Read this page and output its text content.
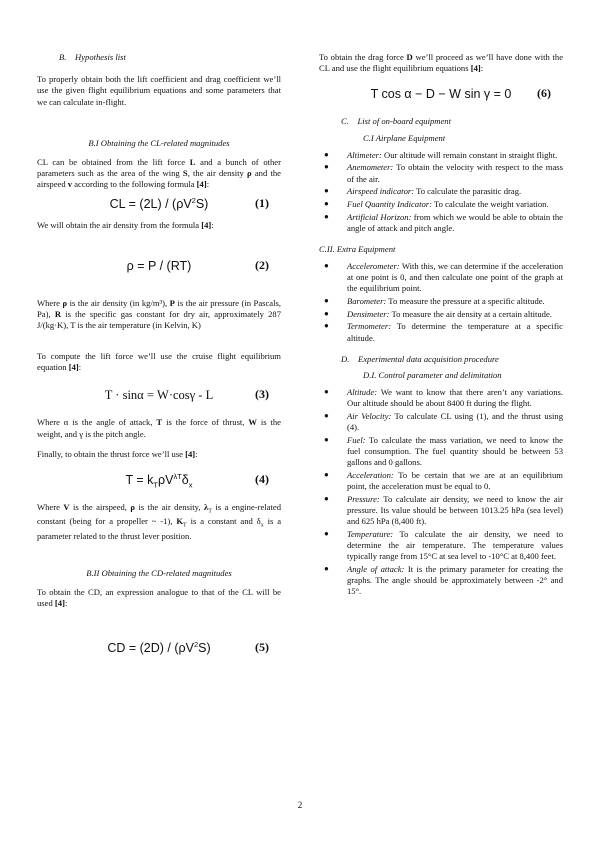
B. Hypothesis list

To properly obtain both the lift coefficient and drag coefficient we’ll use the given flight equilibrium equations and some parameters that we can calculate in-flight.

B.I Obtaining the CL-related magnitudes

CL can be obtained from the lift force L and a bunch of other parameters such as the area of the wing S, the air density ρ and the airspeed v according to the following formula [4]:

CL = $(2L) / (\rho V^2S)$	(1)

We will obtain the air density from the formula [4]:

ρ = P / (RT)	(2)

Where ρ is the air density (in kg/m³), P is the air pressure (in Pascals, Pa), R is the specific gas constant for dry air, approximately 287 J/(kg·K), T is the air temperature (in Kelvin, K)

To compute the lift force we’ll use the cruise flight equilibrium equation [4]:

T · sinα = W·cosγ - L	(3)

Where α is the angle of attack, T is the force of thrust, W is the weight, and γ is the pitch angle.

Finally, to obtain the thrust force we’ll use [4]:

$T = k_T\rho V^{\lambda T}\delta_x$	(4)

Where V is the airspeed, ρ is the air density, $\lambda_T$ is a engine-related constant (being for a propeller ~ -1), $K_T$ is a constant and $\delta_x$ is a parameter related to the thrust lever position.

B.II Obtaining the CD-related magnitudes

To obtain the CD, an expression analogue to that of the CL will be used [4]:

CD = $(2D) / (\rho V^2S)$	(5)

To obtain the drag force D we’ll proceed as we’ll have done with the CL and use the flight equilibrium equations [4]:

T cos α − D − W sin γ = 0	(6)

C. List of on-board equipment

C.I Airplane Equipment

● Altimeter: Our altitude will remain constant in straight flight.
● Anemometer: To obtain the velocity with respect to the mass of the air.
● Airspeed indicator: To calculate the parasitic drag.
● Fuel Quantity Indicator: To calculate the weight variation.
● Artificial Horizon: from which we would be able to obtain the angle of attack and pitch angle.

C.II. Extra Equipment

● Accelerometer: With this, we can determine if the acceleration at one point is 0, and then calculate one point of the graph at the equilibrium point.
● Barometer: To measure the pressure at a specific altitude.
● Densimeter: To measure the air density at a certain altitude.
● Termometer: To determine the temperature at a specific altitude.

D. Experimental data acquisition procedure

D.I. Control parameter and delimitation

● Altitude: We want to know that there aren’t any variations. Our altitude should be about 8400 ft during the flight.
● Air Velocity: To calculate CL using (1), and the thrust using (4).
● Fuel: To calculate the mass variation, we need to know the fuel consumption. The fuel quantity should be between 53 gallons and 0 gallons.
● Acceleration: To be certain that we are at an equilibrium point, the acceleration must be equal to 0.
● Pressure: To calculate air density, we need to know the air pressure. Its value should be between 1013.25 hPa (sea level) and 625 hPa (8,400 ft).
● Temperature: To calculate the air density, we need to determine the air temperature. The temperature values typically range from 15°C at sea level to -10°C at 8,400 feet.
● Angle of attack: It is the primary parameter for creating the graphs. The angle should be approximately between -2° and 15°.
2
